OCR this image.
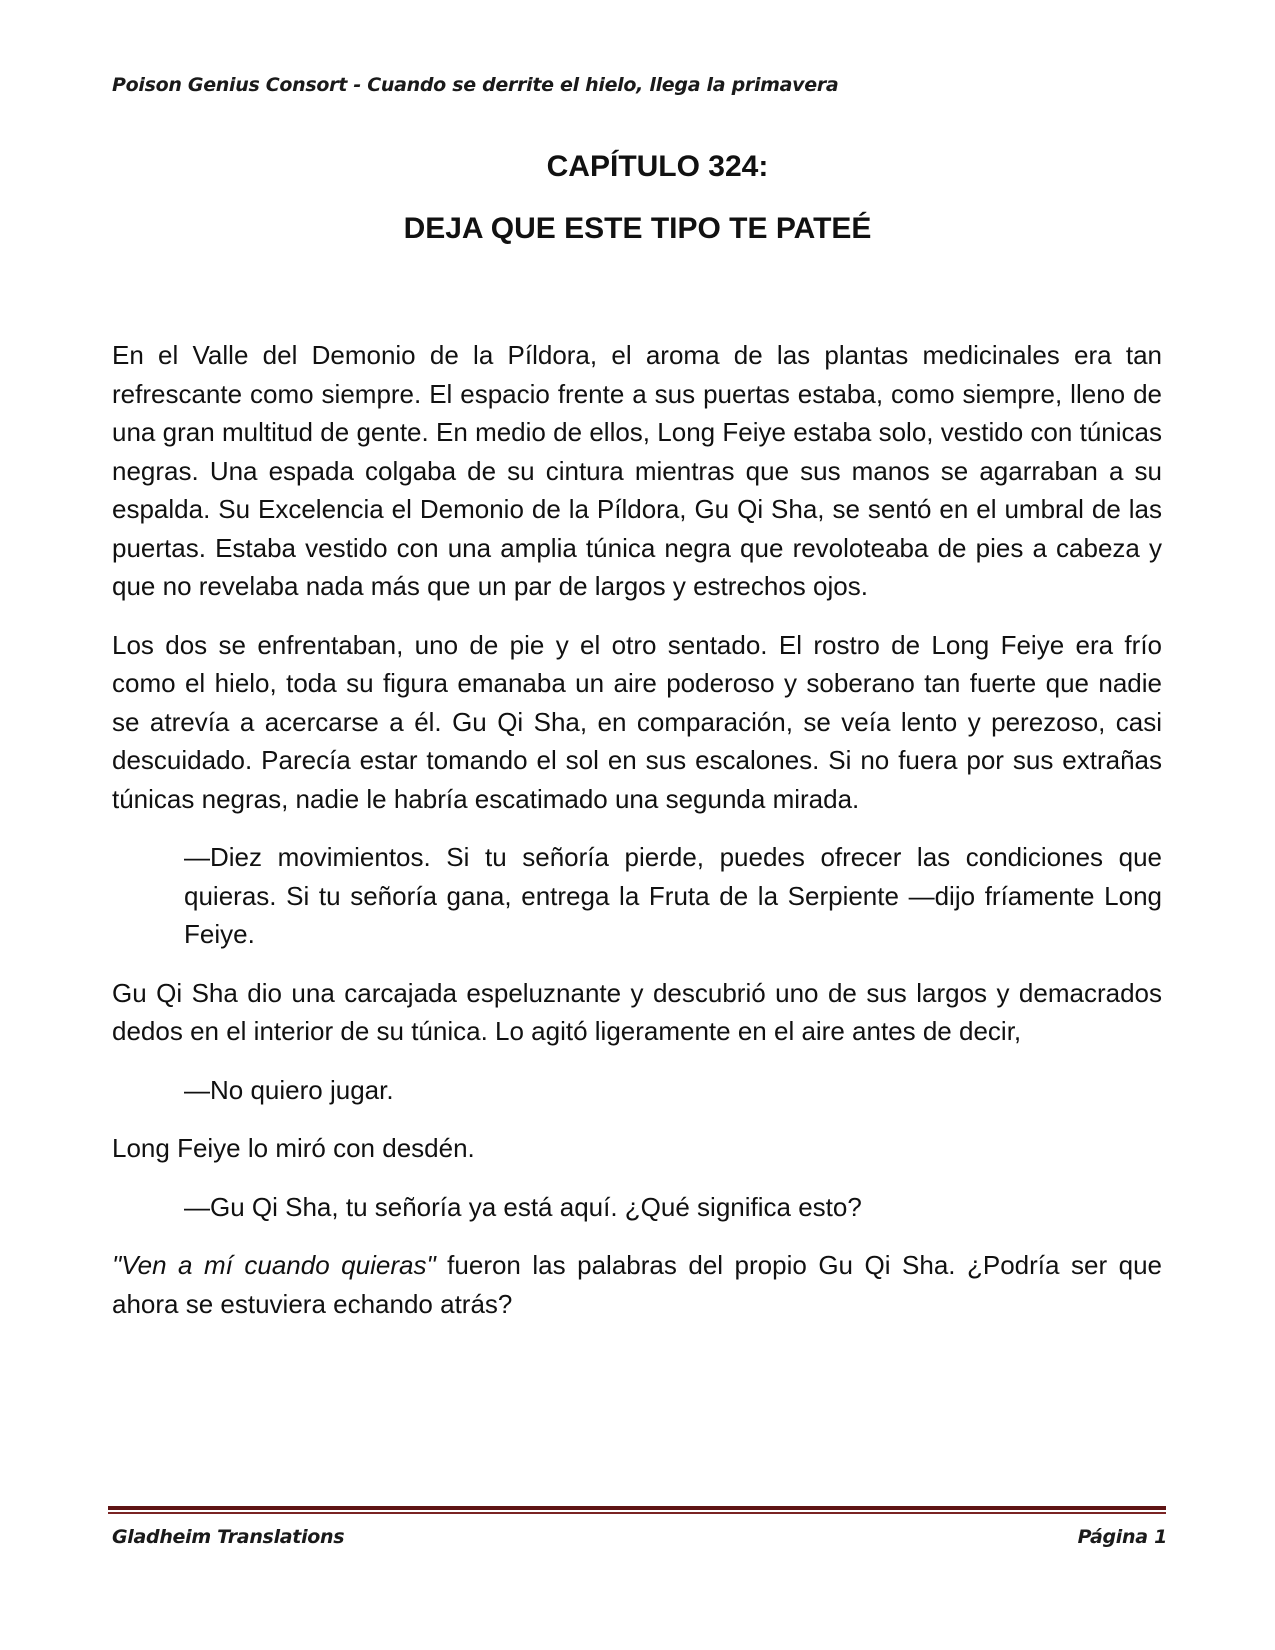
Poison Genius Consort - Cuando se derrite el hielo, llega la primavera
CAPÍTULO 324:
DEJA QUE ESTE TIPO TE PATEÉ

En el Valle del Demonio de la Píldora, el aroma de las plantas medicinales era tan refrescante como siempre. El espacio frente a sus puertas estaba, como siempre, lleno de una gran multitud de gente. En medio de ellos, Long Feiye estaba solo, vestido con túnicas negras. Una espada colgaba de su cintura mientras que sus manos se agarraban a su espalda. Su Excelencia el Demonio de la Píldora, Gu Qi Sha, se sentó en el umbral de las puertas. Estaba vestido con una amplia túnica negra que revoloteaba de pies a cabeza y que no revelaba nada más que un par de largos y estrechos ojos.

Los dos se enfrentaban, uno de pie y el otro sentado. El rostro de Long Feiye era frío como el hielo, toda su figura emanaba un aire poderoso y soberano tan fuerte que nadie se atrevía a acercarse a él. Gu Qi Sha, en comparación, se veía lento y perezoso, casi descuidado. Parecía estar tomando el sol en sus escalones. Si no fuera por sus extrañas túnicas negras, nadie le habría escatimado una segunda mirada.

—Diez movimientos. Si tu señoría pierde, puedes ofrecer las condiciones que quieras. Si tu señoría gana, entrega la Fruta de la Serpiente —dijo fríamente Long Feiye.

Gu Qi Sha dio una carcajada espeluznante y descubrió uno de sus largos y demacrados dedos en el interior de su túnica. Lo agitó ligeramente en el aire antes de decir,

—No quiero jugar.

Long Feiye lo miró con desdén.

—Gu Qi Sha, tu señoría ya está aquí. ¿Qué significa esto?

"Ven a mí cuando quieras" fueron las palabras del propio Gu Qi Sha. ¿Podría ser que ahora se estuviera echando atrás?

Gladheim Translations	Página 1
